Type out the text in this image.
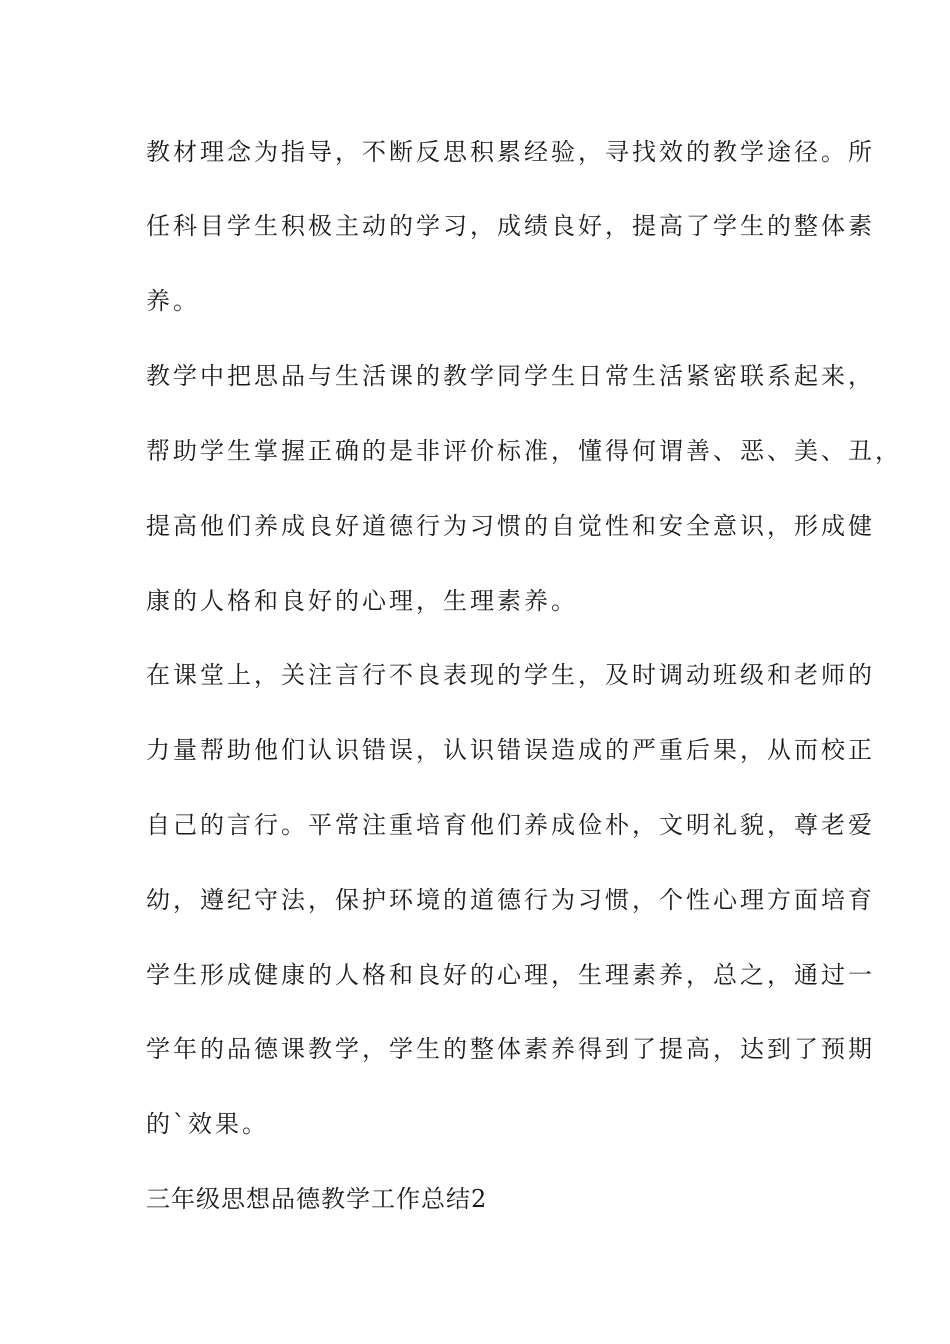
教材理念为指导，不断反思积累经验，寻找效的教学途径。所
任科目学生积极主动的学习，成绩良好，提高了学生的整体素
养。
教学中把思品与生活课的教学同学生日常生活紧密联系起来，
帮助学生掌握正确的是非评价标准，懂得何谓善、恶、美、丑，
提高他们养成良好道德行为习惯的自觉性和安全意识，形成健
康的人格和良好的心理，生理素养。
在课堂上，关注言行不良表现的学生，及时调动班级和老师的
力量帮助他们认识错误，认识错误造成的严重后果，从而校正
自己的言行。平常注重培育他们养成俭朴，文明礼貌，尊老爱
幼，遵纪守法，保护环境的道德行为习惯，个性心理方面培育
学生形成健康的人格和良好的心理，生理素养，总之，通过一
学年的品德课教学，学生的整体素养得到了提高，达到了预期
的`效果。
三年级思想品德教学工作总结2
